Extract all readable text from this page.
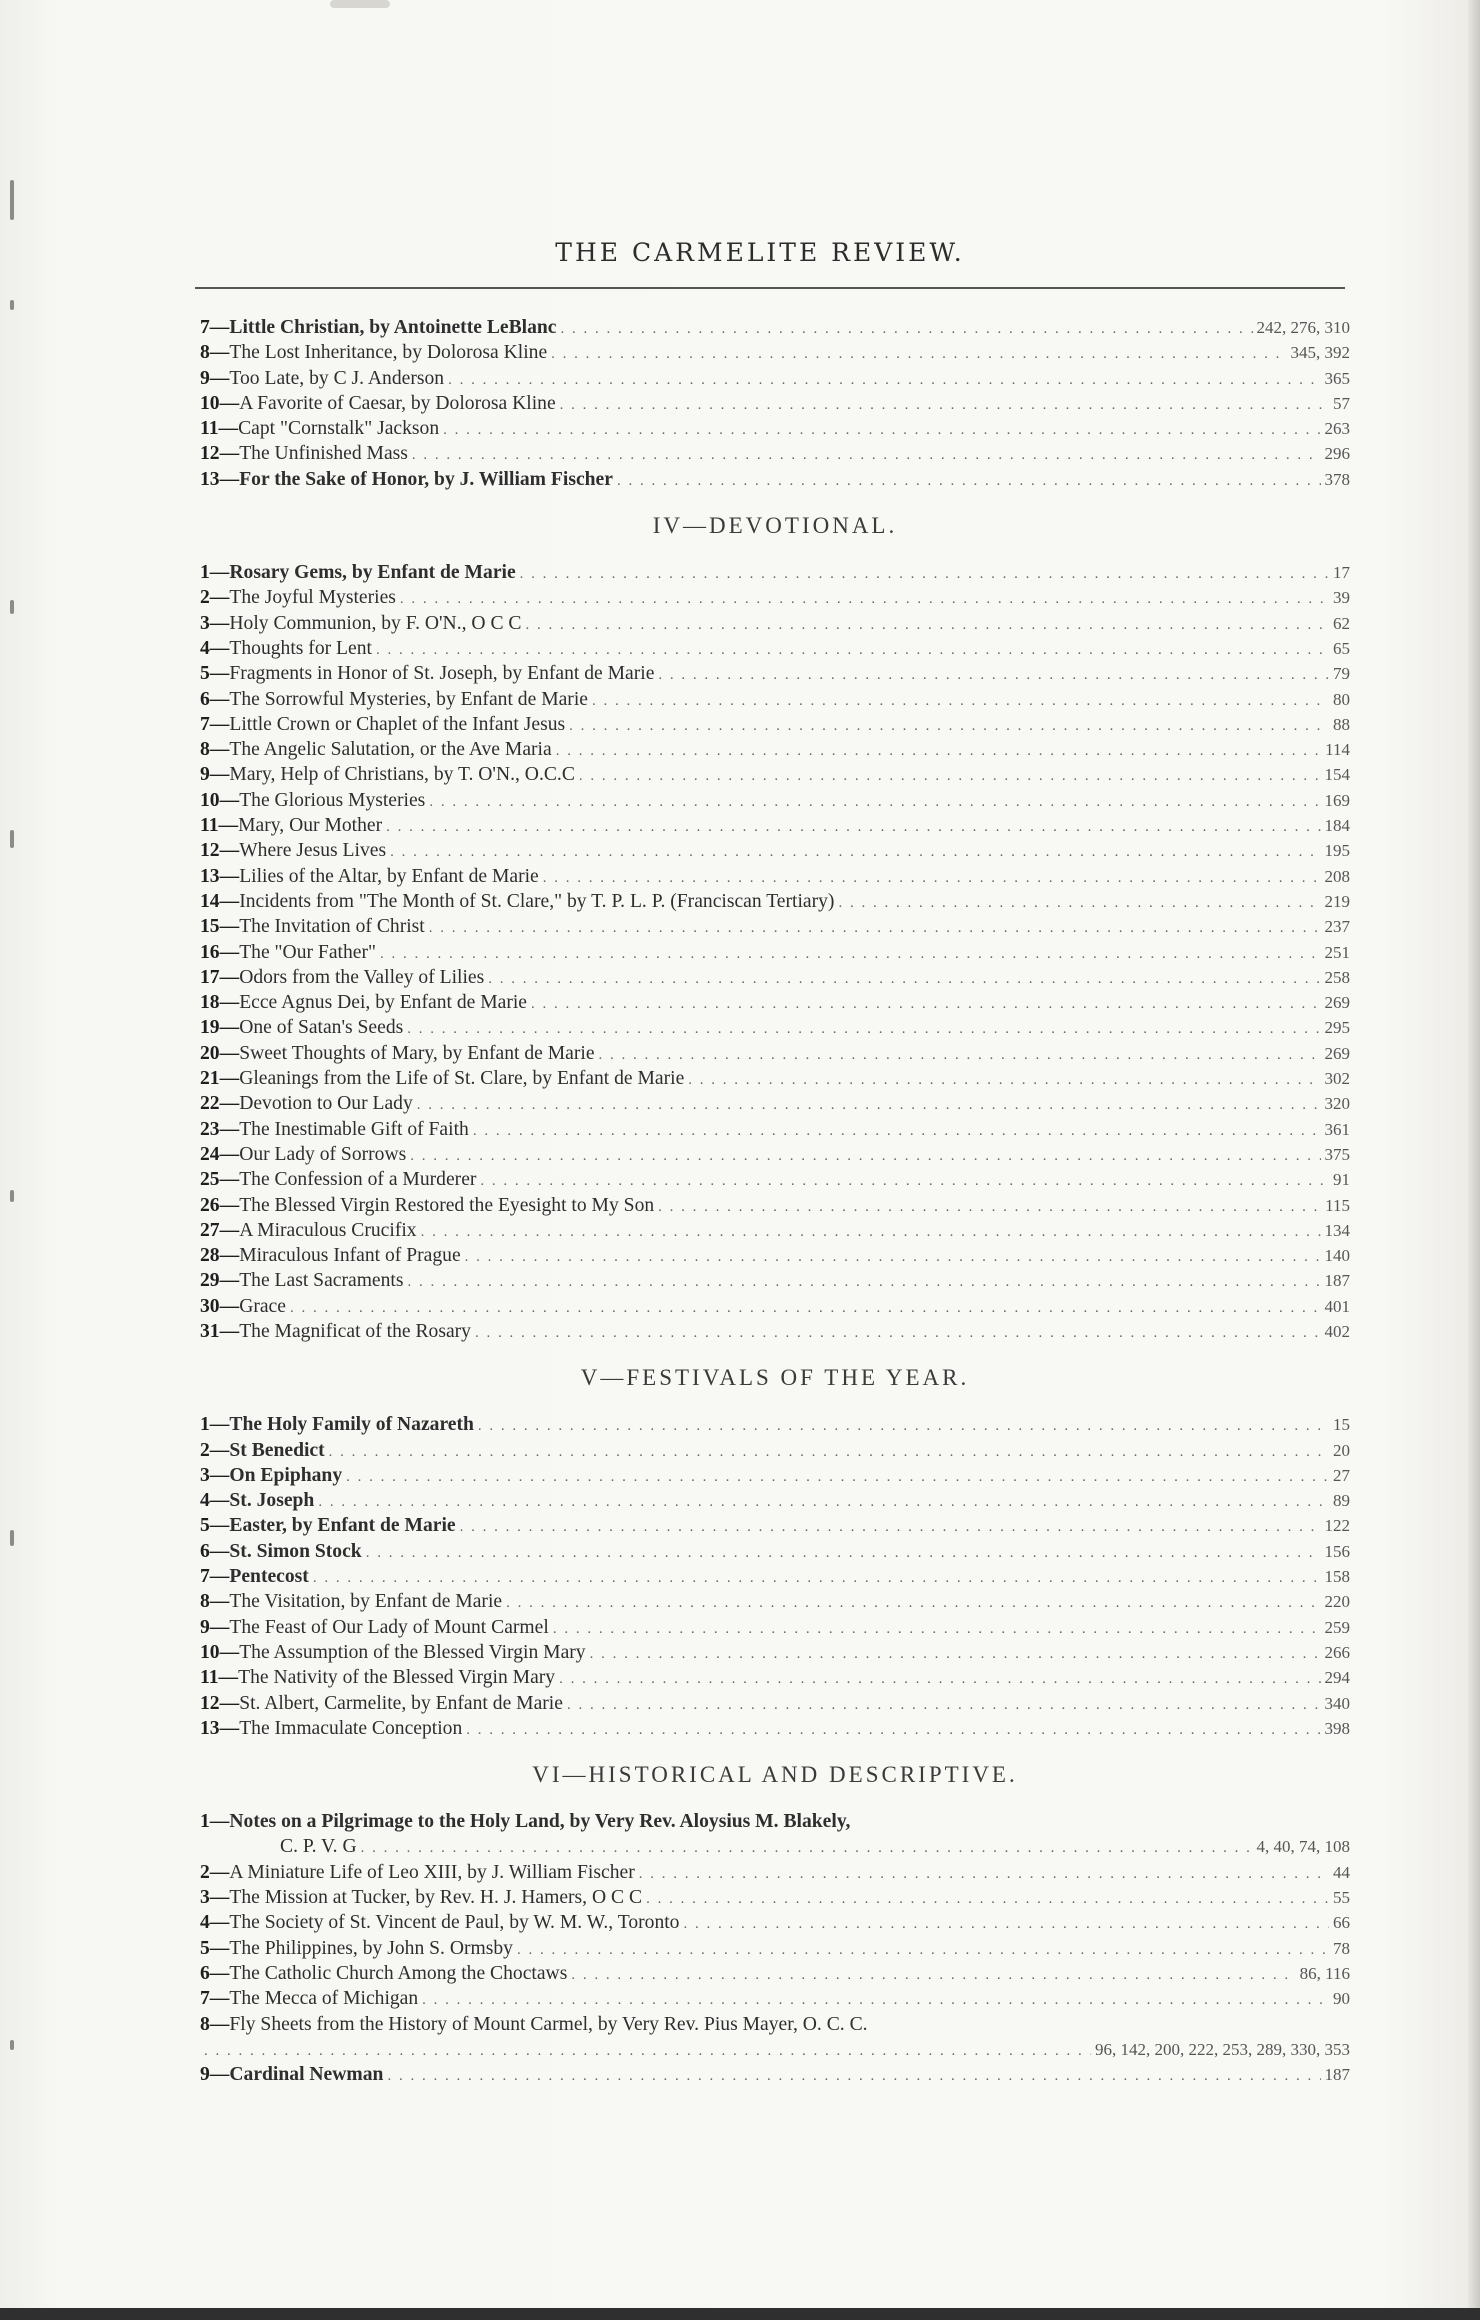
THE CARMELITE REVIEW.
7 — Little Christian, by Antoinette LeBlanc . . .	242, 276, 310
8 — The Lost Inheritance, by Dolorosa Kline . . .	345, 392
9 — Too Late, by C J. Anderson . . .	365
10 — A Favorite of Caesar, by Dolorosa Kline . . .	57
11 — Capt "Cornstalk" Jackson . . .	263
12 — The Unfinished Mass . . .	296
13 — For the Sake of Honor, by J. William Fischer . . .	378
IV—DEVOTIONAL.
1 — Rosary Gems, by Enfant de Marie . . .	17
2 — The Joyful Mysteries . . .	39
3 — Holy Communion, by F. O'N., O C C . . .	62
4 — Thoughts for Lent . . .	65
5 — Fragments in Honor of St. Joseph, by Enfant de Marie . . .	79
6 — The Sorrowful Mysteries, by Enfant de Marie . . .	80
7 — Little Crown or Chaplet of the Infant Jesus . . .	88
8 — The Angelic Salutation, or the Ave Maria . . .	114
9 — Mary, Help of Christians, by T. O'N., O.C.C . . .	154
10 — The Glorious Mysteries . . .	169
11 — Mary, Our Mother . . .	184
12 — Where Jesus Lives . . .	195
13 — Lilies of the Altar, by Enfant de Marie . . .	208
14 — Incidents from "The Month of St. Clare," by T. P. L. P. (Franciscan Tertiary) . . .	219
15 — The Invitation of Christ . . .	237
16 — The "Our Father" . . .	251
17 — Odors from the Valley of Lilies . . .	258
18 — Ecce Agnus Dei, by Enfant de Marie . . .	269
19 — One of Satan's Seeds . . .	295
20 — Sweet Thoughts of Mary, by Enfant de Marie . . .	269
21 — Gleanings from the Life of St. Clare, by Enfant de Marie . . .	302
22 — Devotion to Our Lady . . .	320
23 — The Inestimable Gift of Faith . . .	361
24 — Our Lady of Sorrows . . .	375
25 — The Confession of a Murderer . . .	91
26 — The Blessed Virgin Restored the Eyesight to My Son . . .	115
27 — A Miraculous Crucifix . . .	134
28 — Miraculous Infant of Prague . . .	140
29 — The Last Sacraments . . .	187
30 — Grace . . .	401
31 — The Magnificat of the Rosary . . .	402
V—FESTIVALS OF THE YEAR.
1 — The Holy Family of Nazareth . . .	15
2 — St Benedict . . .	20
3 — On Epiphany . . .	27
4 — St. Joseph . . .	89
5 — Easter, by Enfant de Marie . . .	122
6 — St. Simon Stock . . .	156
7 — Pentecost . . .	158
8 — The Visitation, by Enfant de Marie . . .	220
9 — The Feast of Our Lady of Mount Carmel . . .	259
10 — The Assumption of the Blessed Virgin Mary . . .	266
11 — The Nativity of the Blessed Virgin Mary . . .	294
12 — St. Albert, Carmelite, by Enfant de Marie . . .	340
13 — The Immaculate Conception . . .	398
VI—HISTORICAL AND DESCRIPTIVE.
1 — Notes on a Pilgrimage to the Holy Land, by Very Rev. Aloysius M. Blakely,
C. P. V. G . . .	4, 40, 74, 108
2 — A Miniature Life of Leo XIII, by J. William Fischer . . .	44
3 — The Mission at Tucker, by Rev. H. J. Hamers, O C C . . .	55
4 — The Society of St. Vincent de Paul, by W. M. W., Toronto . . .	66
5 — The Philippines, by John S. Ormsby . . .	78
6 — The Catholic Church Among the Choctaws . . .	86, 116
7 — The Mecca of Michigan . . .	90
8 — Fly Sheets from the History of Mount Carmel, by Very Rev. Pius Mayer, O. C. C.
. . .
96, 142, 200, 222, 253, 289, 330, 353
9 — Cardinal Newman . . .	187
